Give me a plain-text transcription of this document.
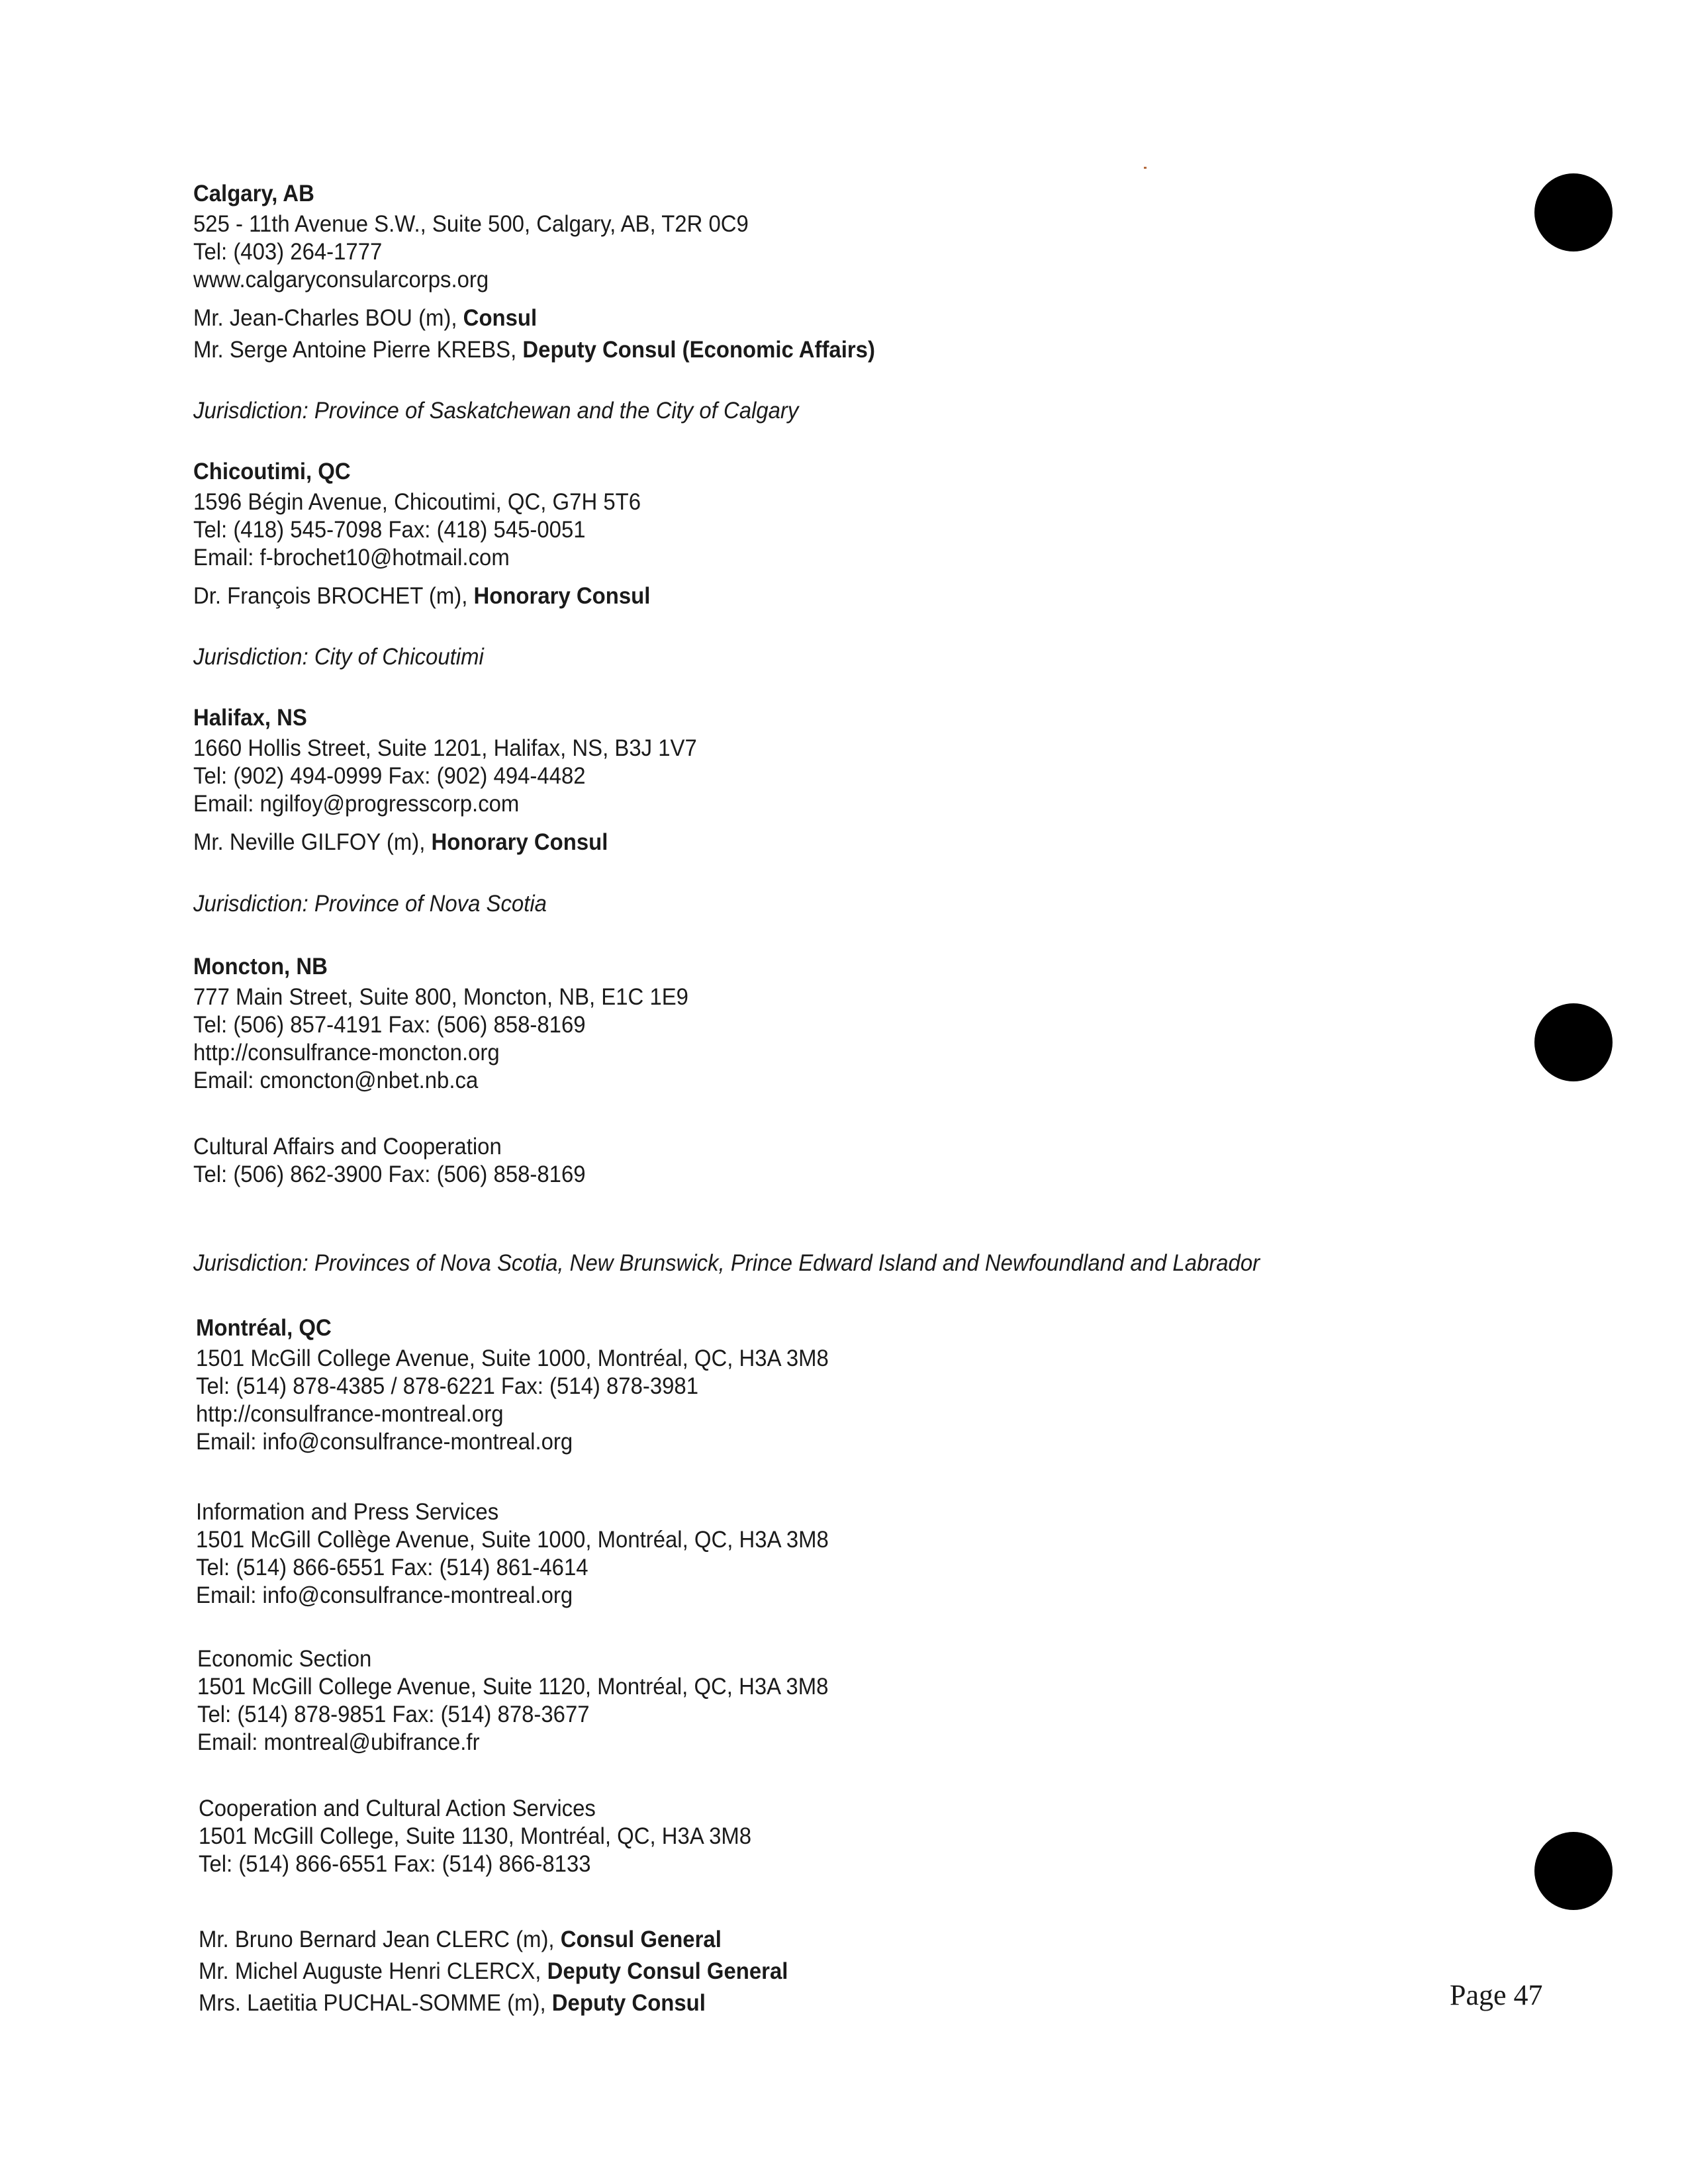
Calgary, AB
525 - 11th Avenue S.W., Suite 500, Calgary, AB, T2R 0C9
Tel: (403) 264-1777
www.calgaryconsularcorps.org
Mr. Jean-Charles BOU (m), Consul
Mr. Serge Antoine Pierre KREBS, Deputy Consul (Economic Affairs)
Jurisdiction: Province of Saskatchewan and the City of Calgary
Chicoutimi, QC
1596 Bégin Avenue, Chicoutimi, QC, G7H 5T6
Tel: (418) 545-7098 Fax: (418) 545-0051
Email: f-brochet10@hotmail.com
Dr. François BROCHET (m), Honorary Consul
Jurisdiction: City of Chicoutimi
Halifax, NS
1660 Hollis Street, Suite 1201, Halifax, NS, B3J 1V7
Tel: (902) 494-0999 Fax: (902) 494-4482
Email: ngilfoy@progresscorp.com
Mr. Neville GILFOY (m), Honorary Consul
Jurisdiction: Province of Nova Scotia
Moncton, NB
777 Main Street, Suite 800, Moncton, NB, E1C 1E9
Tel: (506) 857-4191 Fax: (506) 858-8169
http://consulfrance-moncton.org
Email: cmoncton@nbet.nb.ca
Cultural Affairs and Cooperation
Tel: (506) 862-3900 Fax: (506) 858-8169
Jurisdiction: Provinces of Nova Scotia, New Brunswick, Prince Edward Island and Newfoundland and Labrador
Montréal, QC
1501 McGill College Avenue, Suite 1000, Montréal, QC, H3A 3M8
Tel: (514) 878-4385 / 878-6221 Fax: (514) 878-3981
http://consulfrance-montreal.org
Email: info@consulfrance-montreal.org
Information and Press Services
1501 McGill Collège Avenue, Suite 1000, Montréal, QC, H3A 3M8
Tel: (514) 866-6551 Fax: (514) 861-4614
Email: info@consulfrance-montreal.org
Economic Section
1501 McGill College Avenue, Suite 1120, Montréal, QC, H3A 3M8
Tel: (514) 878-9851 Fax: (514) 878-3677
Email: montreal@ubifrance.fr
Cooperation and Cultural Action Services
1501 McGill College, Suite 1130, Montréal, QC, H3A 3M8
Tel: (514) 866-6551 Fax: (514) 866-8133
Mr. Bruno Bernard Jean CLERC (m), Consul General
Mr. Michel Auguste Henri CLERCX, Deputy Consul General
Mrs. Laetitia PUCHAL-SOMME (m), Deputy Consul	Page 47
